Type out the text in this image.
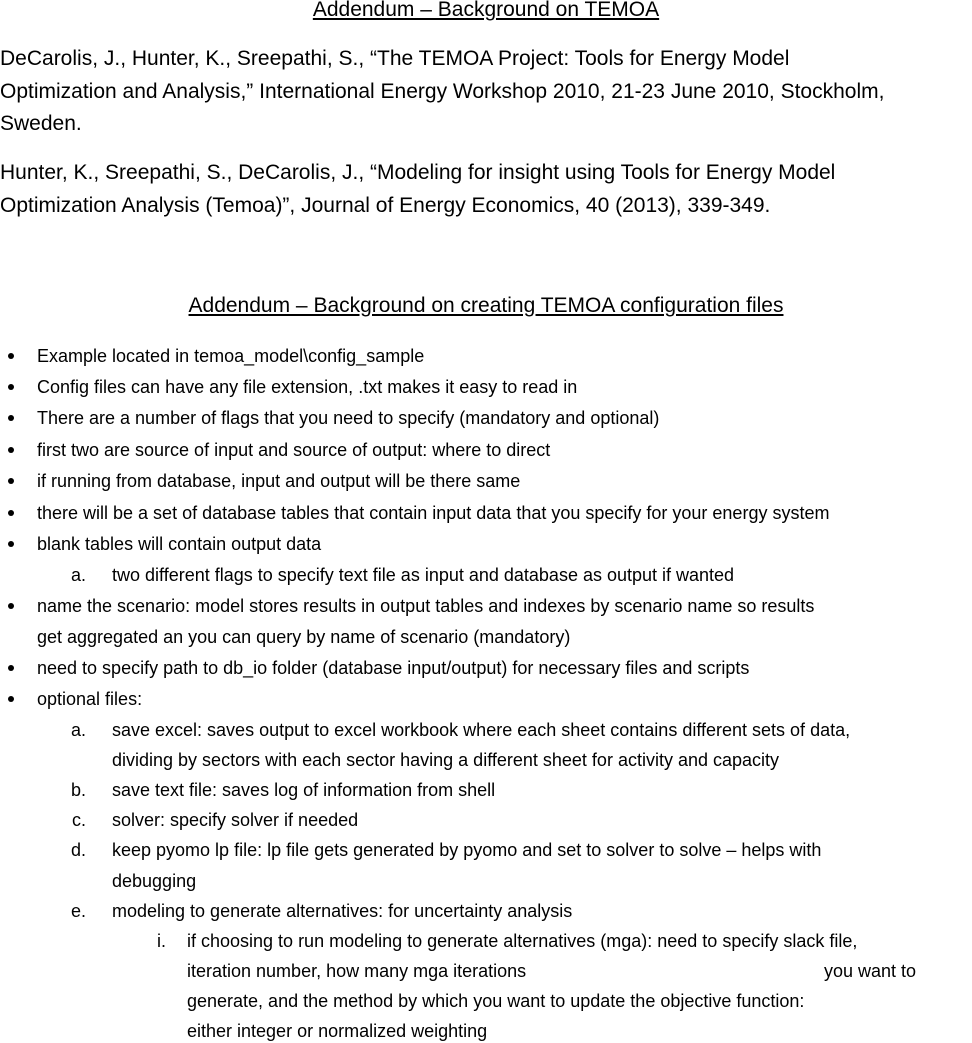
Addendum – Background on TEMOA
DeCarolis, J., Hunter, K., Sreepathi, S., “The TEMOA Project: Tools for Energy Model
Optimization and Analysis,” International Energy Workshop 2010, 21-23 June 2010, Stockholm,
Sweden.
Hunter, K., Sreepathi, S., DeCarolis, J., “Modeling for insight using Tools for Energy Model
Optimization Analysis (Temoa)”, Journal of Energy Economics, 40 (2013), 339-349.
Addendum – Background on creating TEMOA configuration files
Example located in temoa_model\config_sample
Config files can have any file extension, .txt makes it easy to read in
There are a number of flags that you need to specify (mandatory and optional)
first two are source of input and source of output: where to direct
if running from database, input and output will be there same
there will be a set of database tables that contain input data that you specify for your energy system
blank tables will contain output data
a. two different flags to specify text file as input and database as output if wanted
name the scenario: model stores results in output tables and indexes by scenario name so results
get aggregated an you can query by name of scenario (mandatory)
need to specify path to db_io folder (database input/output) for necessary files and scripts
optional files:
a. save excel: saves output to excel workbook where each sheet contains different sets of data,
dividing by sectors with each sector having a different sheet for activity and capacity
b. save text file: saves log of information from shell
c. solver: specify solver if needed
d. keep pyomo lp file: lp file gets generated by pyomo and set to solver to solve – helps with
debugging
e. modeling to generate alternatives: for uncertainty analysis
i. if choosing to run modeling to generate alternatives (mga): need to specify slack file,
iteration number, how many mga iterations	you want to
generate, and the method by which you want to update the objective function:
either integer or normalized weighting
